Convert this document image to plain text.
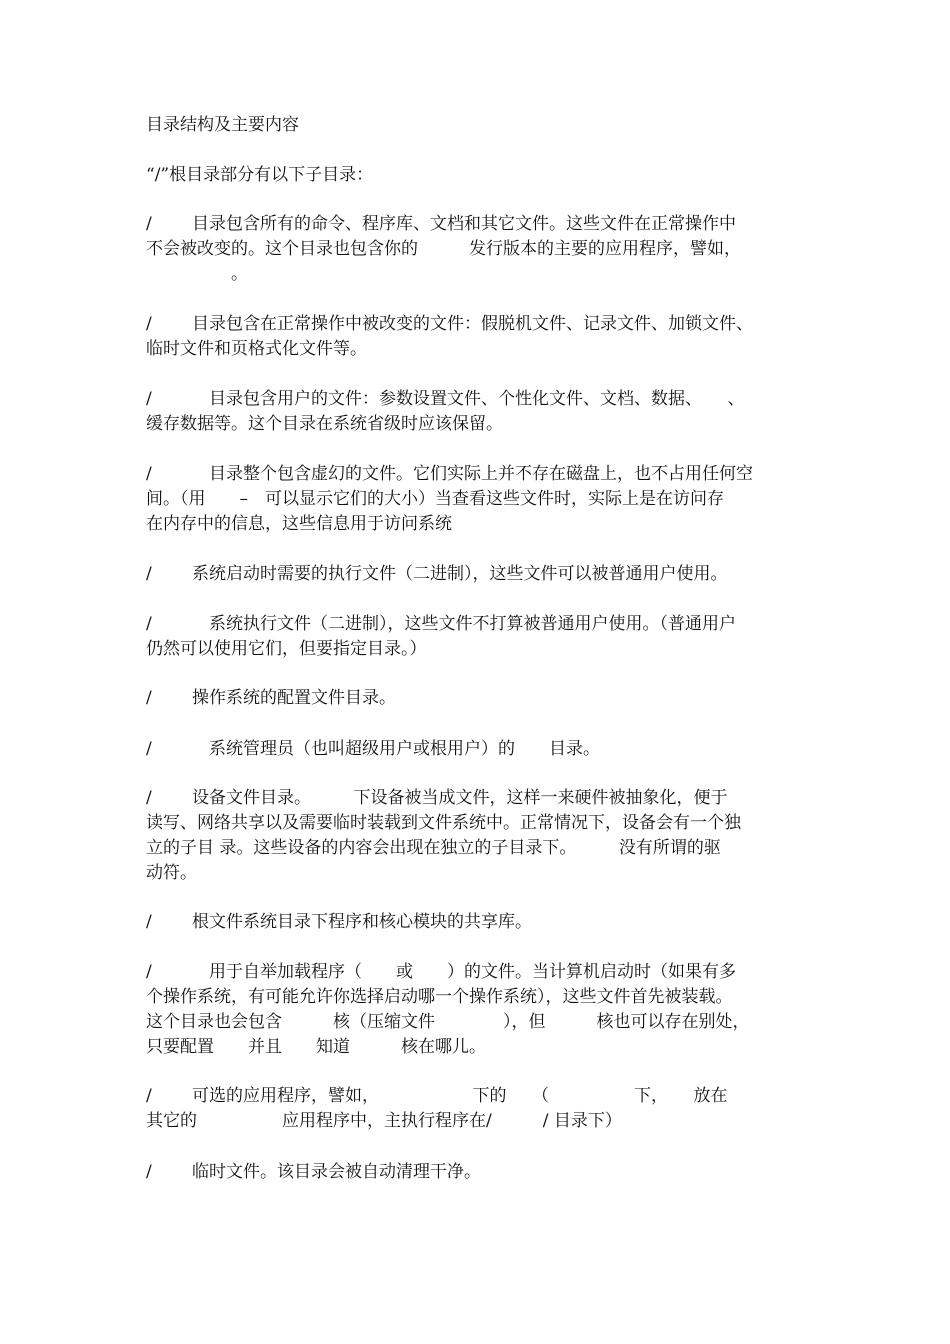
目录结构及主要内容
“/”根目录部分有以下子目录：
/ 目录包含所有的命令、程序库、文档和其它文件。这些文件在正常操作中
不会被改变的。这个目录也包含你的　　　发行版本的主要的应用程序，譬如，
　　　　　。
/ 目录包含在正常操作中被改变的文件：假脱机文件、记录文件、加锁文件、
临时文件和页格式化文件等。
/　目录包含用户的文件：参数设置文件、个性化文件、文档、数据、　　、
缓存数据等。这个目录在系统省级时应该保留。
/　目录整个包含虚幻的文件。它们实际上并不存在磁盘上，也不占用任何空
间。（用　　–　可以显示它们的大小）当查看这些文件时，实际上是在访问存
在内存中的信息，这些信息用于访问系统
/ 系统启动时需要的执行文件（二进制），这些文件可以被普通用户使用。
/　系统执行文件（二进制），这些文件不打算被普通用户使用。（普通用户
仍然可以使用它们，但要指定目录。）
/ 操作系统的配置文件目录。
/　系统管理员（也叫超级用户或根用户）的　　目录。
/ 设备文件目录。　　　下设备被当成文件，这样一来硬件被抽象化，便于
读写、网络共享以及需要临时装载到文件系统中。正常情况下，设备会有一个独
立的子目 录。这些设备的内容会出现在独立的子目录下。　　　没有所谓的驱
动符。
/ 根文件系统目录下程序和核心模块的共享库。
/　用于自举加载程序（　　或　　）的文件。当计算机启动时（如果有多
个操作系统，有可能允许你选择启动哪一个操作系统），这些文件首先被装载。
这个目录也会包含　　　核（压缩文件　　　　），但　　　核也可以存在别处，
只要配置　　并且　　知道　　　核在哪儿。
/ 可选的应用程序，譬如，　　　　　　下的　　（　　　　　下，　　放在
其它的　　　　　应用程序中，主执行程序在/　　　/ 目录下）
/ 临时文件。该目录会被自动清理干净。
